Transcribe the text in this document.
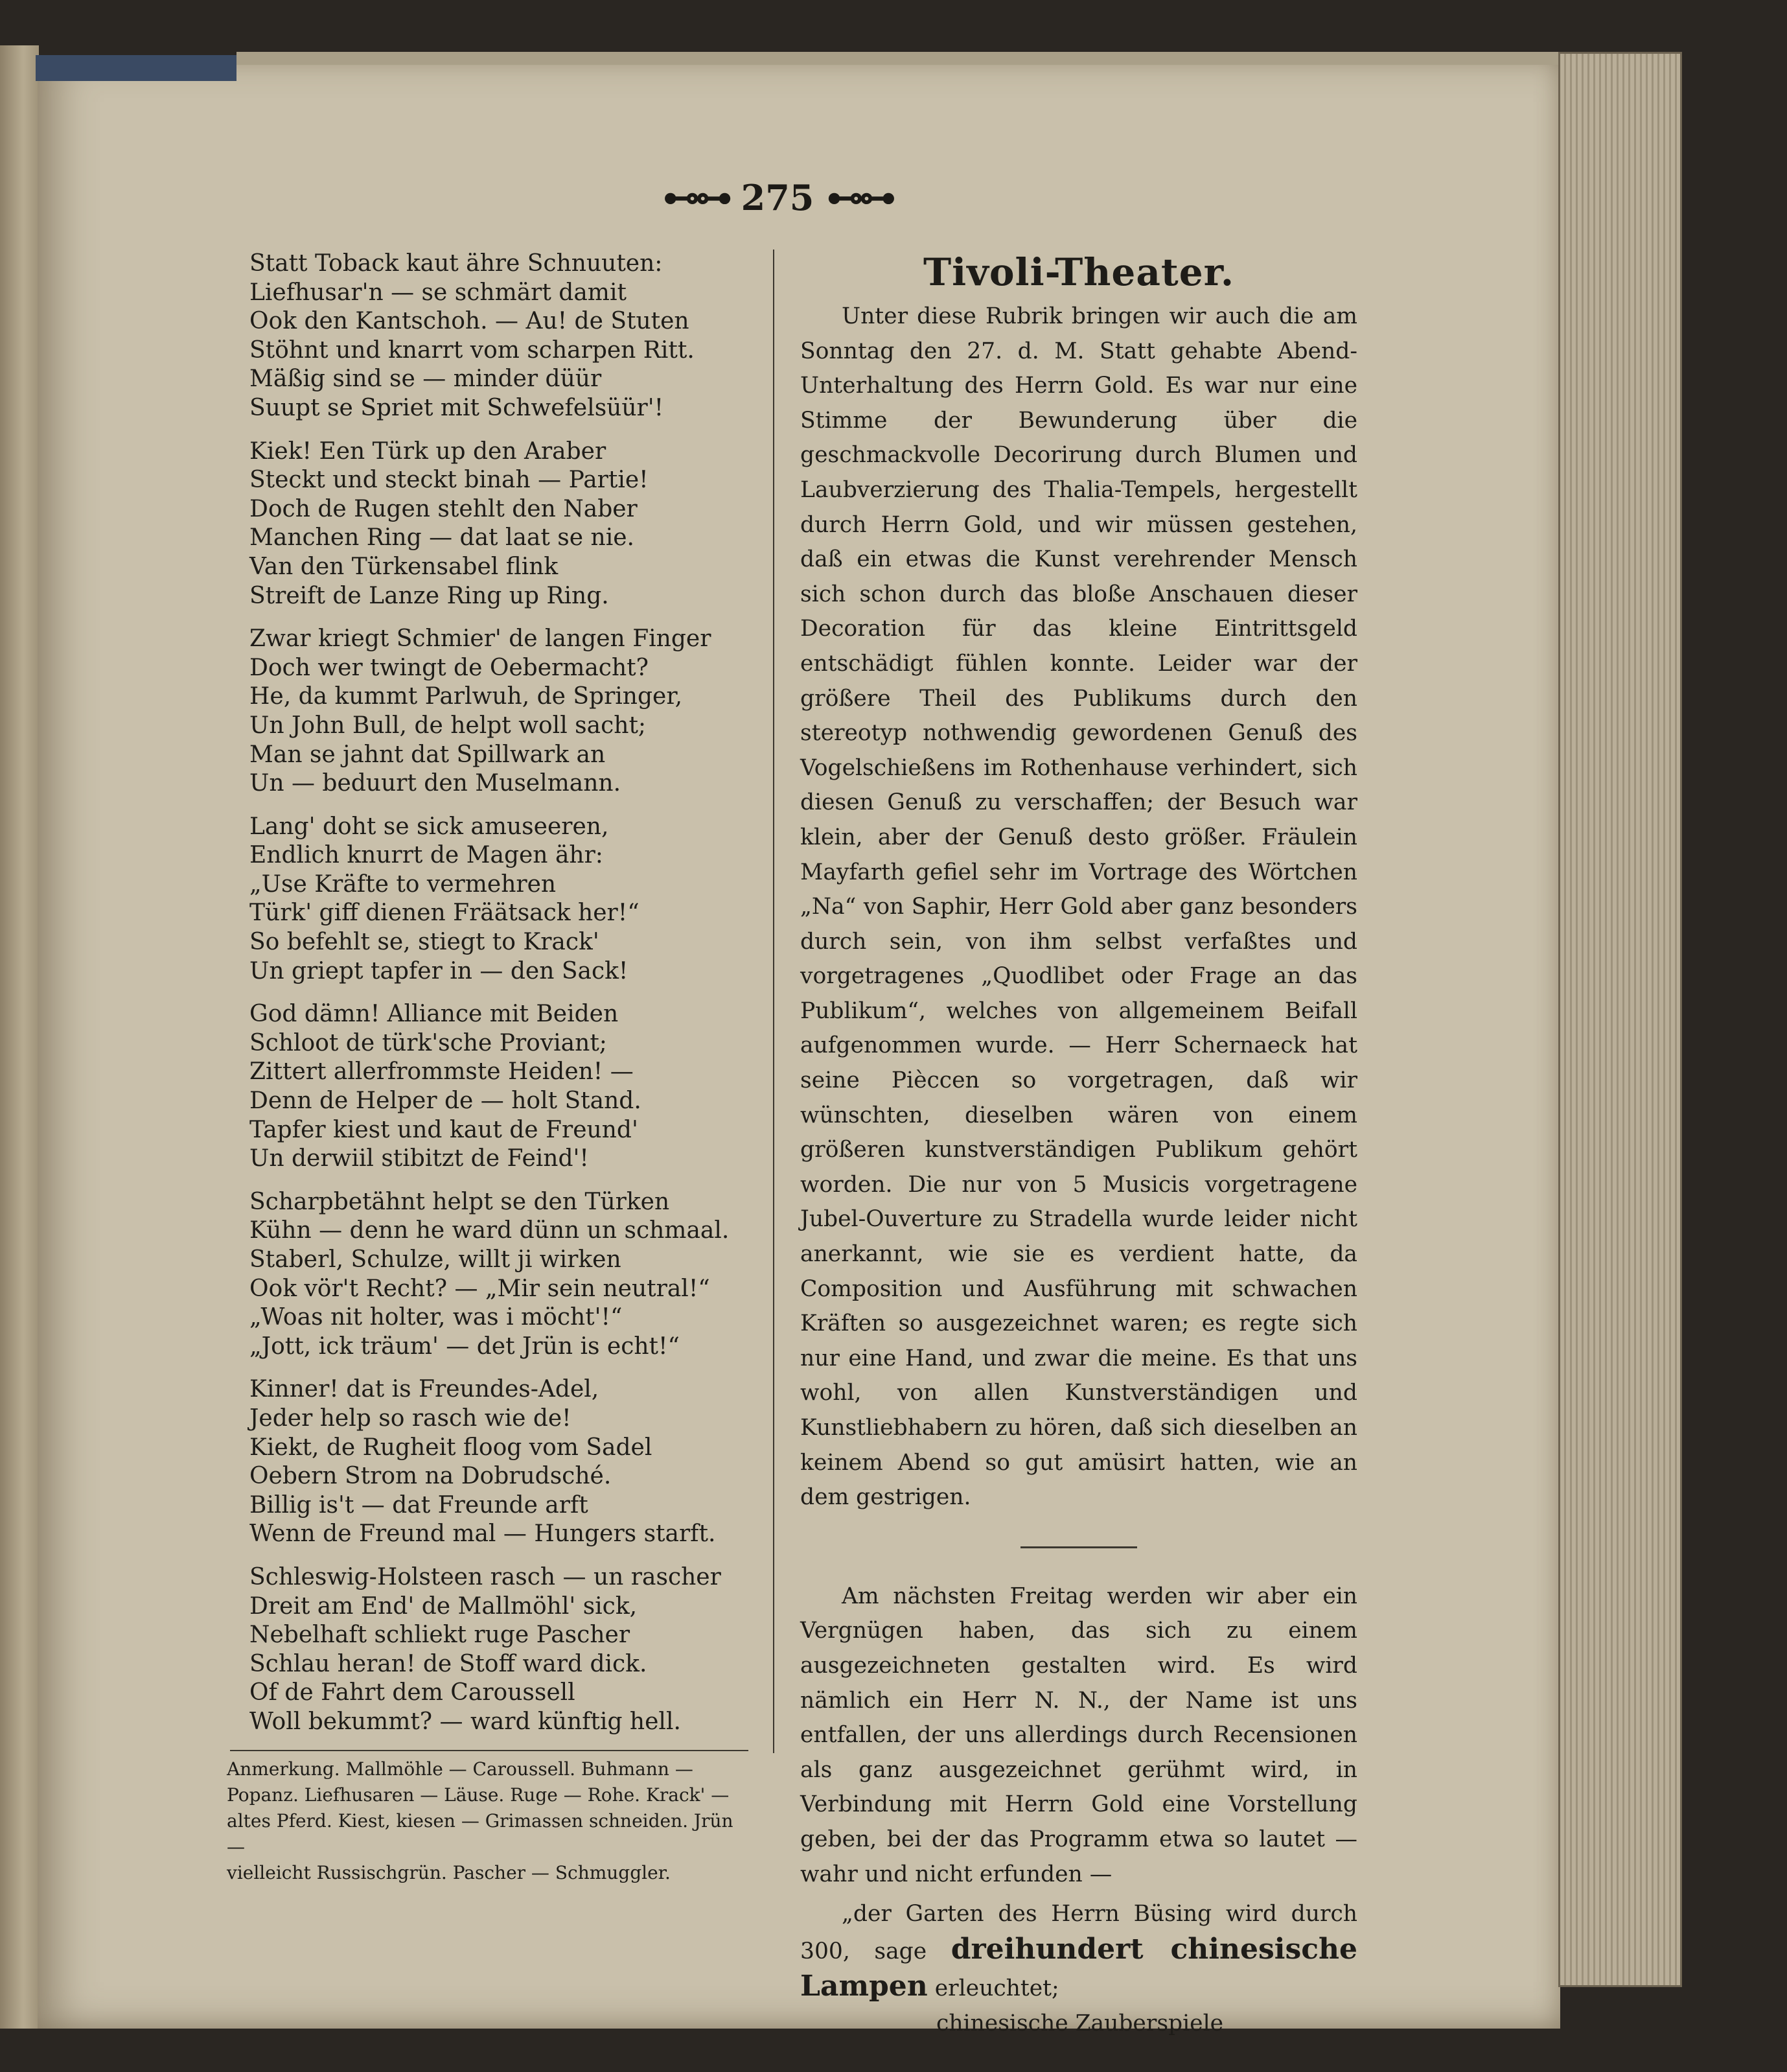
⊷⊶ 275 ⊷⊶
Statt Toback kaut ähre Schnuuten:
Liefhusar'n — se schmärt damit
Ook den Kantschoh. — Au! de Stuten
Stöhnt und knarrt vom scharpen Ritt.
Mäßig sind se — minder düür
Suupt se Spriet mit Schwefelsüür'!
Kiek! Een Türk up den Araber
Steckt und steckt binah — Partie!
Doch de Rugen stehlt den Naber
Manchen Ring — dat laat se nie.
Van den Türkensabel flink
Streift de Lanze Ring up Ring.
Zwar kriegt Schmier' de langen Finger
Doch wer twingt de Oebermacht?
He, da kummt Parlwuh, de Springer,
Un John Bull, de helpt woll sacht;
Man se jahnt dat Spillwark an
Un — beduurt den Muselmann.
Lang' doht se sick amuseeren,
Endlich knurrt de Magen ähr:
„Use Kräfte to vermehren
Türk' giff dienen Fräätsack her!“
So befehlt se, stiegt to Krack'
Un griept tapfer in — den Sack!
God dämn! Alliance mit Beiden
Schloot de türk'sche Proviant;
Zittert allerfrommste Heiden! —
Denn de Helper de — holt Stand.
Tapfer kiest und kaut de Freund'
Un derwiil stibitzt de Feind'!
Scharpbetähnt helpt se den Türken
Kühn — denn he ward dünn un schmaal.
Staberl, Schulze, willt ji wirken
Ook vör't Recht? — „Mir sein neutral!“
„Woas nit holter, was i möcht'!“
„Jott, ick träum' — det Jrün is echt!“
Kinner! dat is Freundes-Adel,
Jeder help so rasch wie de!
Kiekt, de Rugheit floog vom Sadel
Oebern Strom na Dobrudsché.
Billig is't — dat Freunde arft
Wenn de Freund mal — Hungers starft.
Schleswig-Holsteen rasch — un rascher
Dreit am End' de Mallmöhl' sick,
Nebelhaft schliekt ruge Pascher
Schlau heran! de Stoff ward dick.
Of de Fahrt dem Caroussell
Woll bekummt? — ward künftig hell.
Anmerkung. Mallmöhle — Caroussell. Buhmann —
Popanz. Liefhusaren — Läuse. Ruge — Rohe. Krack' —
altes Pferd. Kiest, kiesen — Grimassen schneiden. Jrün —
vielleicht Russischgrün. Pascher — Schmuggler.
Tivoli-Theater.

Unter diese Rubrik bringen wir auch die am Sonntag den 27. d. M. Statt gehabte Abend-Unterhaltung des Herrn Gold. Es war nur eine Stimme der Bewunderung über die geschmackvolle Decorirung durch Blumen und Laubverzierung des Thalia-Tempels, hergestellt durch Herrn Gold, und wir müssen gestehen, daß ein etwas die Kunst verehrender Mensch sich schon durch das bloße Anschauen dieser Decoration für das kleine Eintrittsgeld entschädigt fühlen konnte. Leider war der größere Theil des Publikums durch den stereotyp nothwendig gewordenen Genuß des Vogelschießens im Rothenhause verhindert, sich diesen Genuß zu verschaffen; der Besuch war klein, aber der Genuß desto größer. Fräulein Mayfarth gefiel sehr im Vortrage des Wörtchen „Na“ von Saphir, Herr Gold aber ganz besonders durch sein, von ihm selbst verfaßtes und vorgetragenes „Quodlibet oder Frage an das Publikum“, welches von allgemeinem Beifall aufgenommen wurde. — Herr Schernaeck hat seine Pièccen so vorgetragen, daß wir wünschten, dieselben wären von einem größeren kunstverständigen Publikum gehört worden. Die nur von 5 Musicis vorgetragene Jubel-Ouverture zu Stradella wurde leider nicht anerkannt, wie sie es verdient hatte, da Composition und Ausführung mit schwachen Kräften so ausgezeichnet waren; es regte sich nur eine Hand, und zwar die meine. Es that uns wohl, von allen Kunstverständigen und Kunstliebhabern zu hören, daß sich dieselben an keinem Abend so gut amüsirt hatten, wie an dem gestrigen.

Am nächsten Freitag werden wir aber ein Vergnügen haben, das sich zu einem ausgezeichneten gestalten wird. Es wird nämlich ein Herr N. N., der Name ist uns entfallen, der uns allerdings durch Recensionen als ganz ausgezeichnet gerühmt wird, in Verbindung mit Herrn Gold eine Vorstellung geben, bei der das Programm etwa so lautet — wahr und nicht erfunden —

„der Garten des Herrn Büsing wird durch 300, sage dreihundert chinesische Lampen erleuchtet;

chinesische Zauberspiele
